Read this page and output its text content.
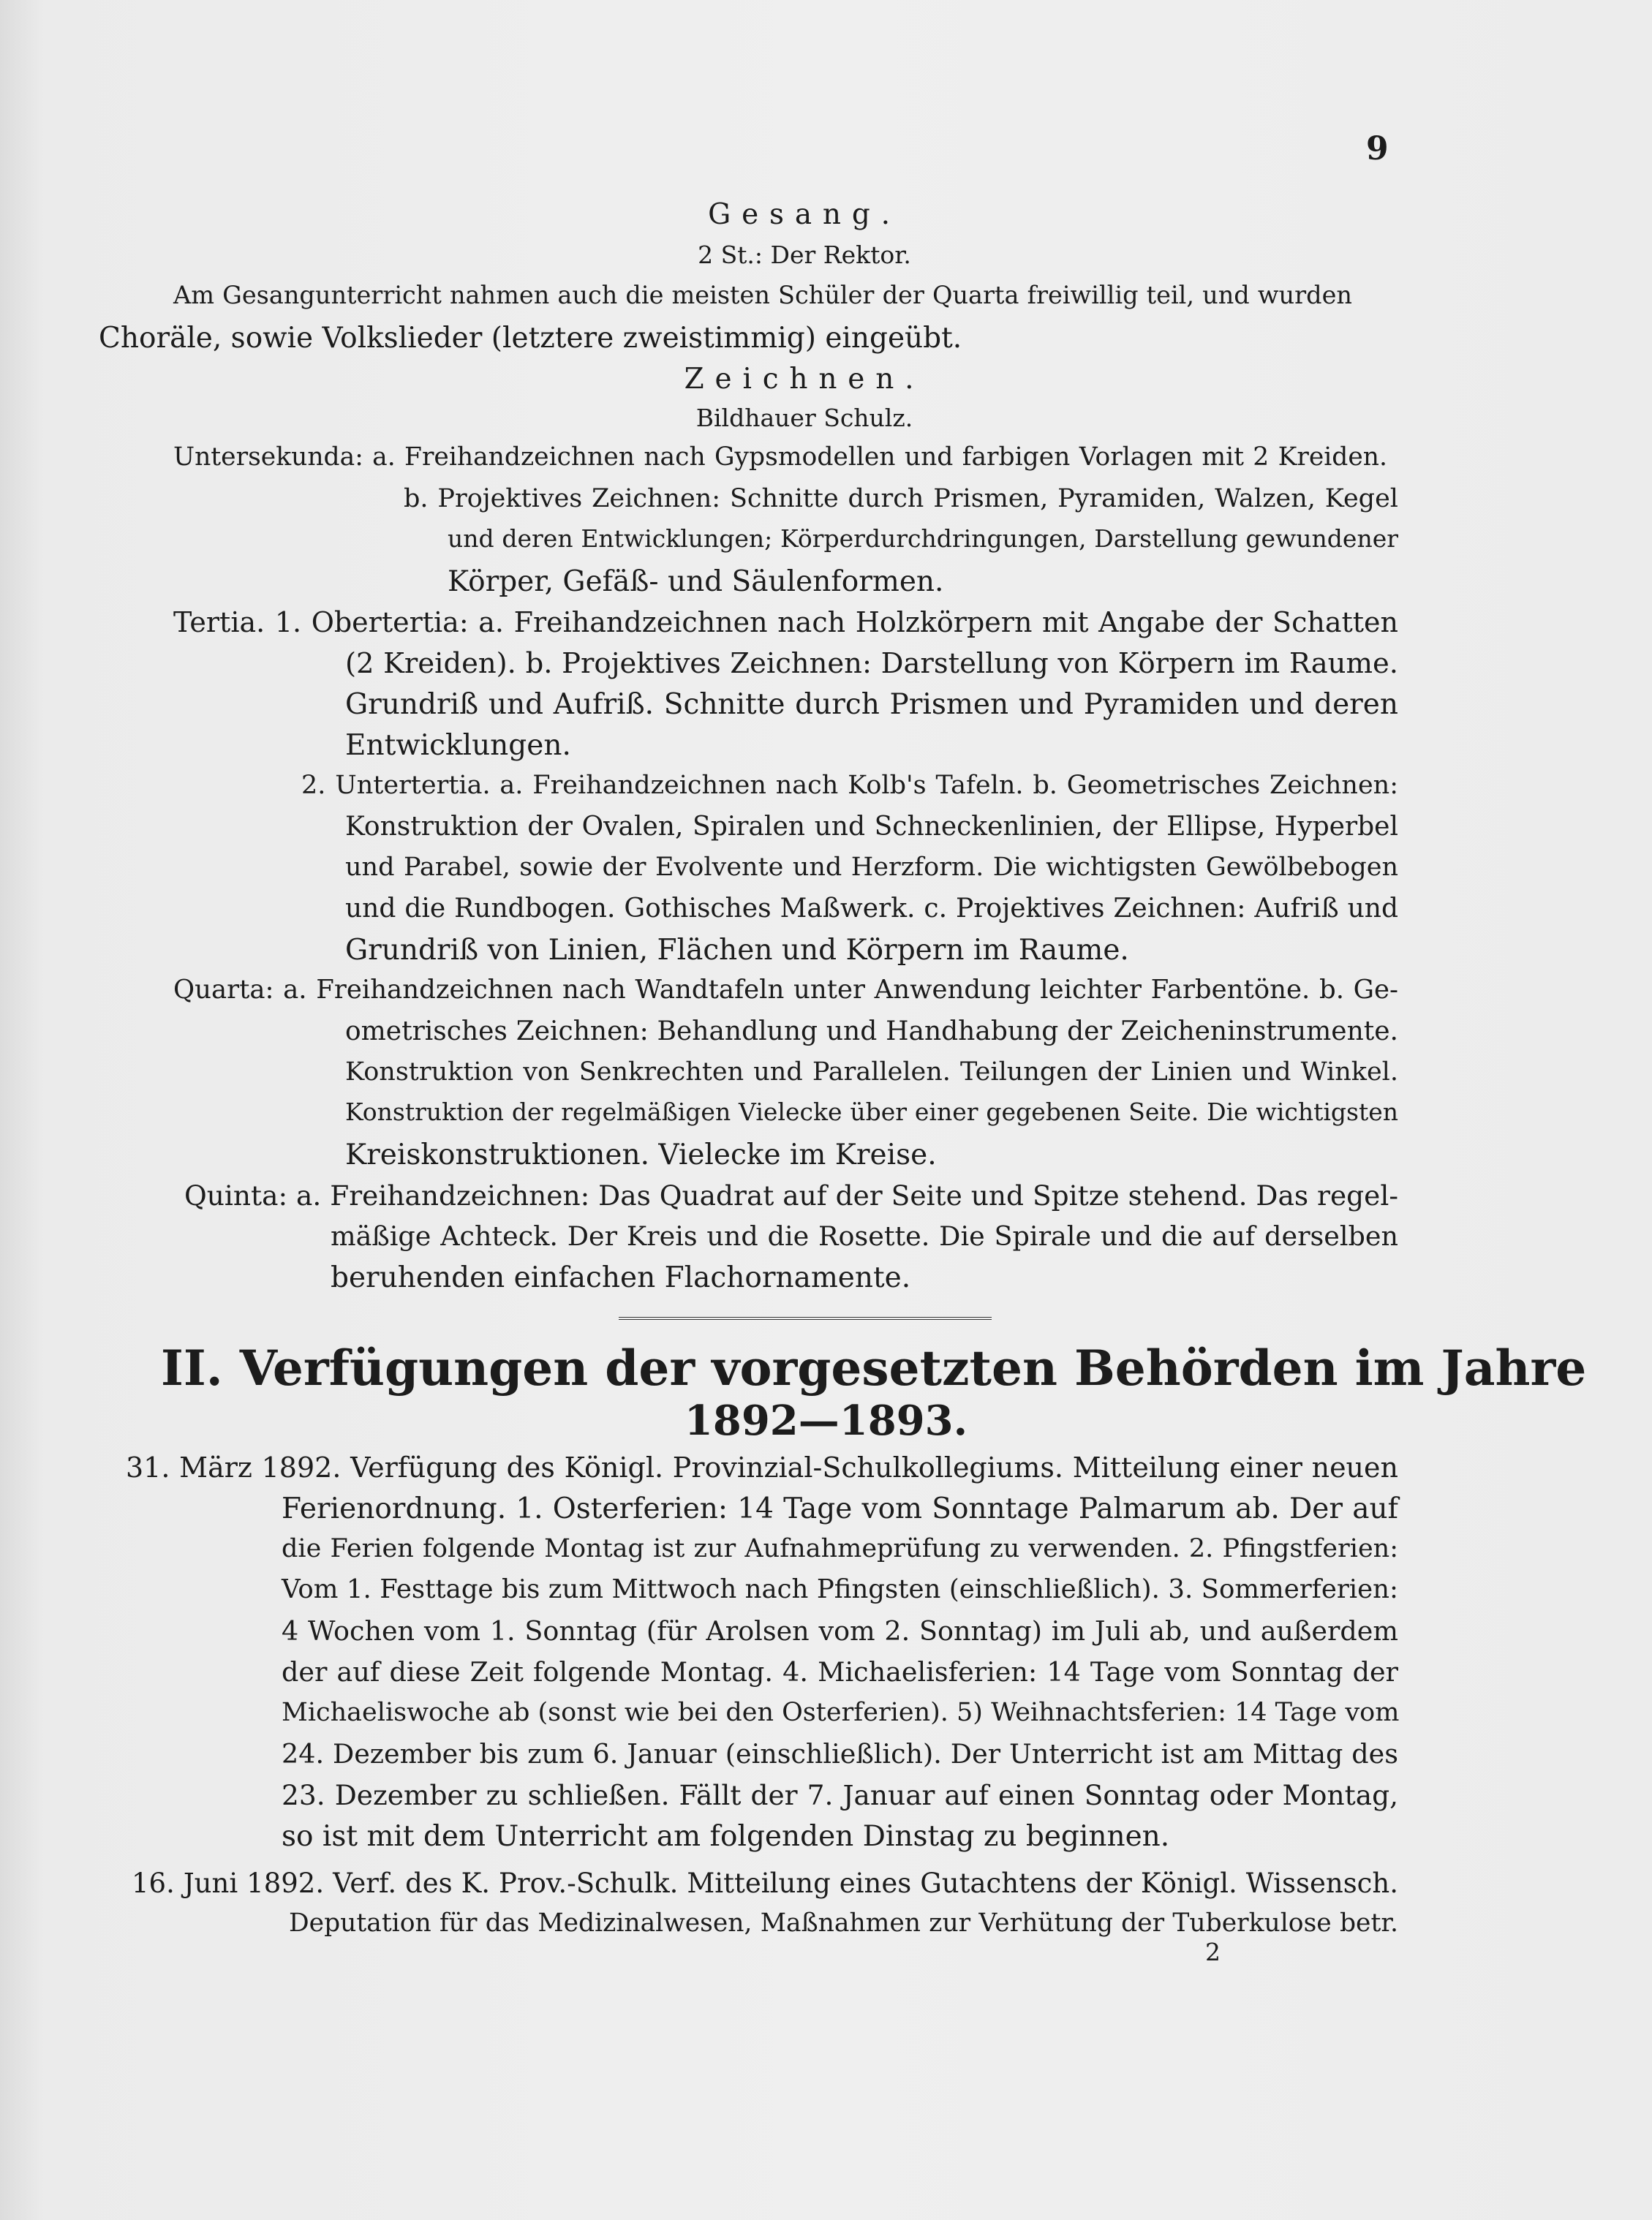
9
Gesang.
2 St.: Der Rektor.
Am Gesangunterricht nahmen auch die meisten Schüler der Quarta freiwillig teil, und wurden
Choräle, sowie Volkslieder (letztere zweistimmig) eingeübt.
Zeichnen.
Bildhauer Schulz.
Untersekunda: a. Freihandzeichnen nach Gypsmodellen und farbigen Vorlagen mit 2 Kreiden.
b. Projektives Zeichnen: Schnitte durch Prismen, Pyramiden, Walzen, Kegel
und deren Entwicklungen; Körperdurchdringungen, Darstellung gewundener
Körper, Gefäß- und Säulenformen.
Tertia. 1. Obertertia: a. Freihandzeichnen nach Holzkörpern mit Angabe der Schatten
(2 Kreiden). b. Projektives Zeichnen: Darstellung von Körpern im Raume.
Grundriß und Aufriß. Schnitte durch Prismen und Pyramiden und deren
Entwicklungen.
2. Untertertia. a. Freihandzeichnen nach Kolb's Tafeln. b. Geometrisches Zeichnen:
Konstruktion der Ovalen, Spiralen und Schneckenlinien, der Ellipse, Hyperbel
und Parabel, sowie der Evolvente und Herzform. Die wichtigsten Gewölbebogen
und die Rundbogen. Gothisches Maßwerk. c. Projektives Zeichnen: Aufriß und
Grundriß von Linien, Flächen und Körpern im Raume.
Quarta: a. Freihandzeichnen nach Wandtafeln unter Anwendung leichter Farbentöne. b. Ge-
ometrisches Zeichnen: Behandlung und Handhabung der Zeicheninstrumente.
Konstruktion von Senkrechten und Parallelen. Teilungen der Linien und Winkel.
Konstruktion der regelmäßigen Vielecke über einer gegebenen Seite. Die wichtigsten
Kreiskonstruktionen. Vielecke im Kreise.
Quinta: a. Freihandzeichnen: Das Quadrat auf der Seite und Spitze stehend. Das regel-
mäßige Achteck. Der Kreis und die Rosette. Die Spirale und die auf derselben
beruhenden einfachen Flachornamente.
II. Verfügungen der vorgesetzten Behörden im Jahre
1892—1893.
31. März 1892. Verfügung des Königl. Provinzial-Schulkollegiums. Mitteilung einer neuen
Ferienordnung. 1. Osterferien: 14 Tage vom Sonntage Palmarum ab. Der auf
die Ferien folgende Montag ist zur Aufnahmeprüfung zu verwenden. 2. Pfingstferien:
Vom 1. Festtage bis zum Mittwoch nach Pfingsten (einschließlich). 3. Sommerferien:
4 Wochen vom 1. Sonntag (für Arolsen vom 2. Sonntag) im Juli ab, und außerdem
der auf diese Zeit folgende Montag. 4. Michaelisferien: 14 Tage vom Sonntag der
Michaeliswoche ab (sonst wie bei den Osterferien). 5) Weihnachtsferien: 14 Tage vom
24. Dezember bis zum 6. Januar (einschließlich). Der Unterricht ist am Mittag des
23. Dezember zu schließen. Fällt der 7. Januar auf einen Sonntag oder Montag,
so ist mit dem Unterricht am folgenden Dinstag zu beginnen.
16. Juni 1892. Verf. des K. Prov.-Schulk. Mitteilung eines Gutachtens der Königl. Wissensch.
Deputation für das Medizinalwesen, Maßnahmen zur Verhütung der Tuberkulose betr.
2
